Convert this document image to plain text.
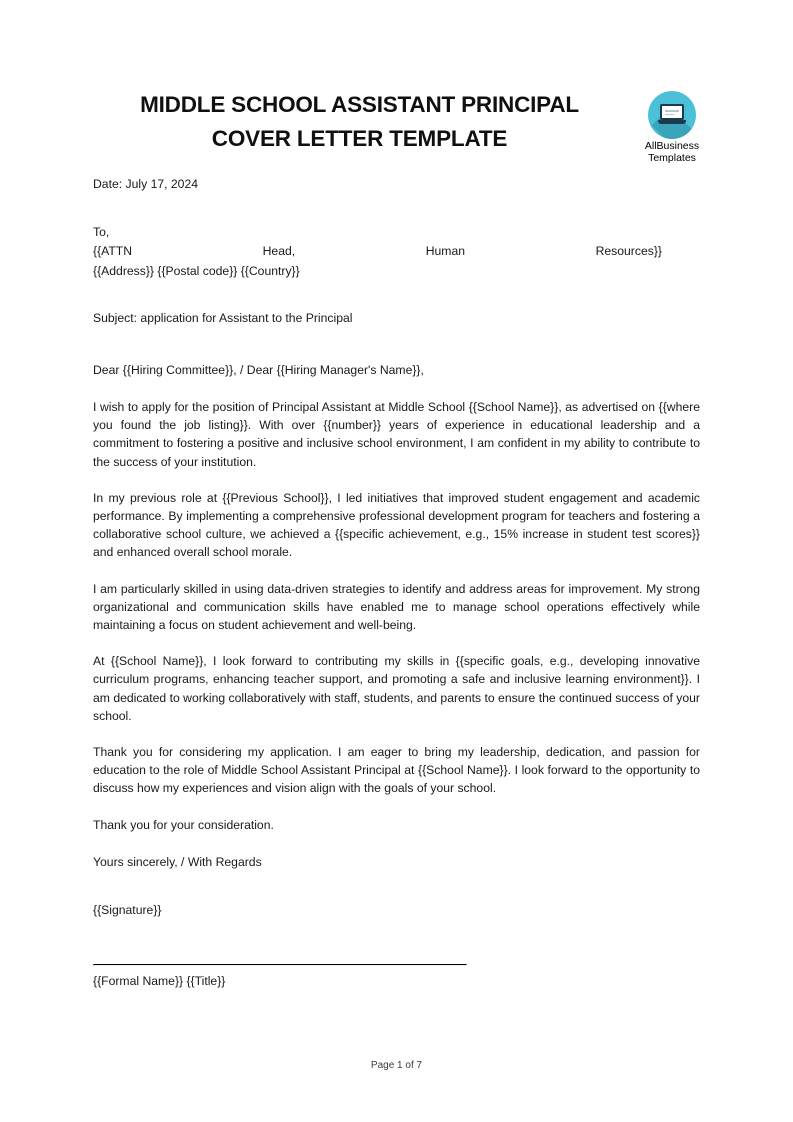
MIDDLE SCHOOL ASSISTANT PRINCIPAL
COVER LETTER TEMPLATE	AllBusiness
Templates
Date: July 17, 2024
To,
{{ATTN	Head,	Human	Resources}}
{{Address}} {{Postal code}} {{Country}}
Subject: application for Assistant to the Principal
Dear {{Hiring Committee}}, / Dear {{Hiring Manager's Name}},

I wish to apply for the position of Principal Assistant at Middle School {{School Name}}, as advertised on {{where you found the job listing}}. With over {{number}} years of experience in educational leadership and a commitment to fostering a positive and inclusive school environment, I am confident in my ability to contribute to the success of your institution.

In my previous role at {{Previous School}}, I led initiatives that improved student engagement and academic performance. By implementing a comprehensive professional development program for teachers and fostering a collaborative school culture, we achieved a {{specific achievement, e.g., 15% increase in student test scores}} and enhanced overall school morale.

I am particularly skilled in using data-driven strategies to identify and address areas for improvement. My strong organizational and communication skills have enabled me to manage school operations effectively while maintaining a focus on student achievement and well-being.

At {{School Name}}, I look forward to contributing my skills in {{specific goals, e.g., developing innovative curriculum programs, enhancing teacher support, and promoting a safe and inclusive learning environment}}. I am dedicated to working collaboratively with staff, students, and parents to ensure the continued success of your school.

Thank you for considering my application. I am eager to bring my leadership, dedication, and passion for education to the role of Middle School Assistant Principal at {{School Name}}. I look forward to the opportunity to discuss how my experiences and vision align with the goals of your school.

Thank you for your consideration.
Yours sincerely, / With Regards
{{Signature}}
{{Formal Name}} {{Title}}
Page 1 of 7
